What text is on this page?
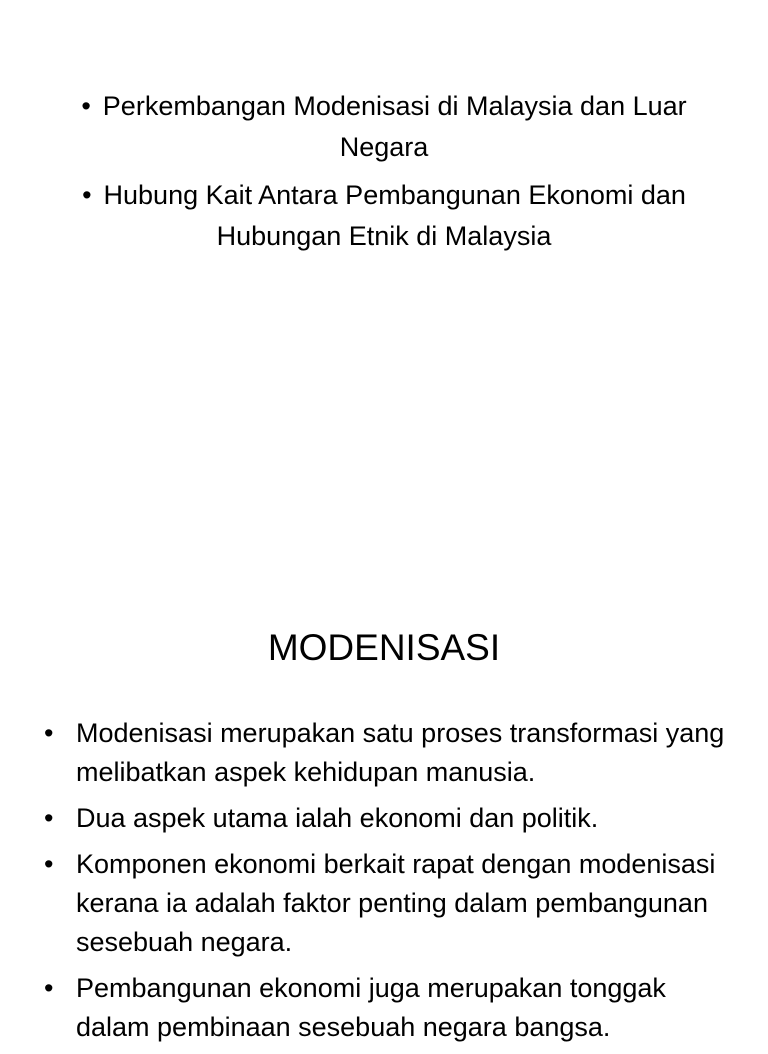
• Perkembangan Modenisasi di Malaysia dan Luar Negara
• Hubung Kait Antara Pembangunan Ekonomi dan Hubungan Etnik di Malaysia
MODENISASI
• Modenisasi merupakan satu proses transformasi yang melibatkan aspek kehidupan manusia.
• Dua aspek utama ialah ekonomi dan politik.
• Komponen ekonomi berkait rapat dengan modenisasi kerana ia adalah faktor penting dalam pembangunan sesebuah negara.
• Pembangunan ekonomi juga merupakan tonggak dalam pembinaan sesebuah negara bangsa.
